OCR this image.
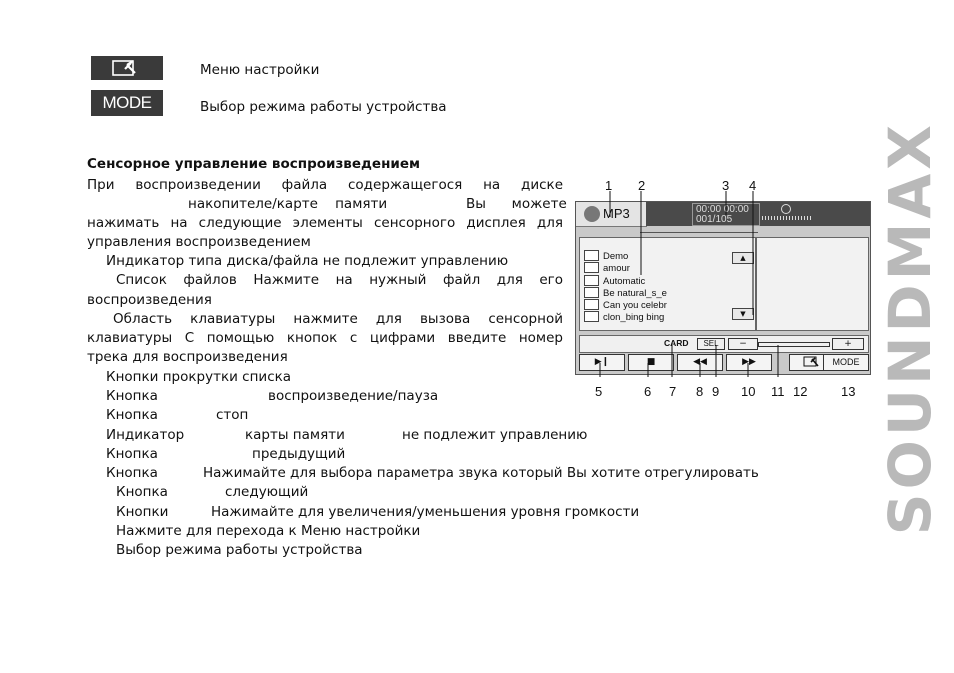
Меню настройки
MODE	Выбор режима работы устройства
Сенсорное управление воспроизведением
При воспроизведении файла содержащегося на диске
накопителе/карте    памяти	Вы      можете
нажимать на следующие элементы сенсорного дисплея для
управления воспроизведением
Индикатор типа диска/файла не подлежит управлению
Список файлов Нажмите на нужный файл для его
воспроизведения
Область клавиатуры нажмите для вызова сенсорной
клавиатуры С помощью кнопок с цифрами введите номер
трека для воспроизведения
Кнопки прокрутки списка
Кнопка	воспроизведение/пауза
Кнопка	стоп
Индикатор	карты памяти	не подлежит управлению
Кнопка	предыдущий
Кнопка	Нажимайте для выбора параметра звука который Вы хотите отрегулировать
Кнопка	следующий
Кнопки	Нажимайте для увеличения/уменьшения уровня громкости
Нажмите для перехода к Меню настройки
Выбор режима работы устройства
SOUNDMAX
1 2	3 4
MP3	00:00 00:00
001/105
Demo
amour
Automatic
Be natural_s_e
Can you celebr
clon_bing bing
▲
▼
CARD	SEL	−	+
▶❙	■	◀◀	▶▶	MODE
5	6 7 8 9 10 11 12	13
